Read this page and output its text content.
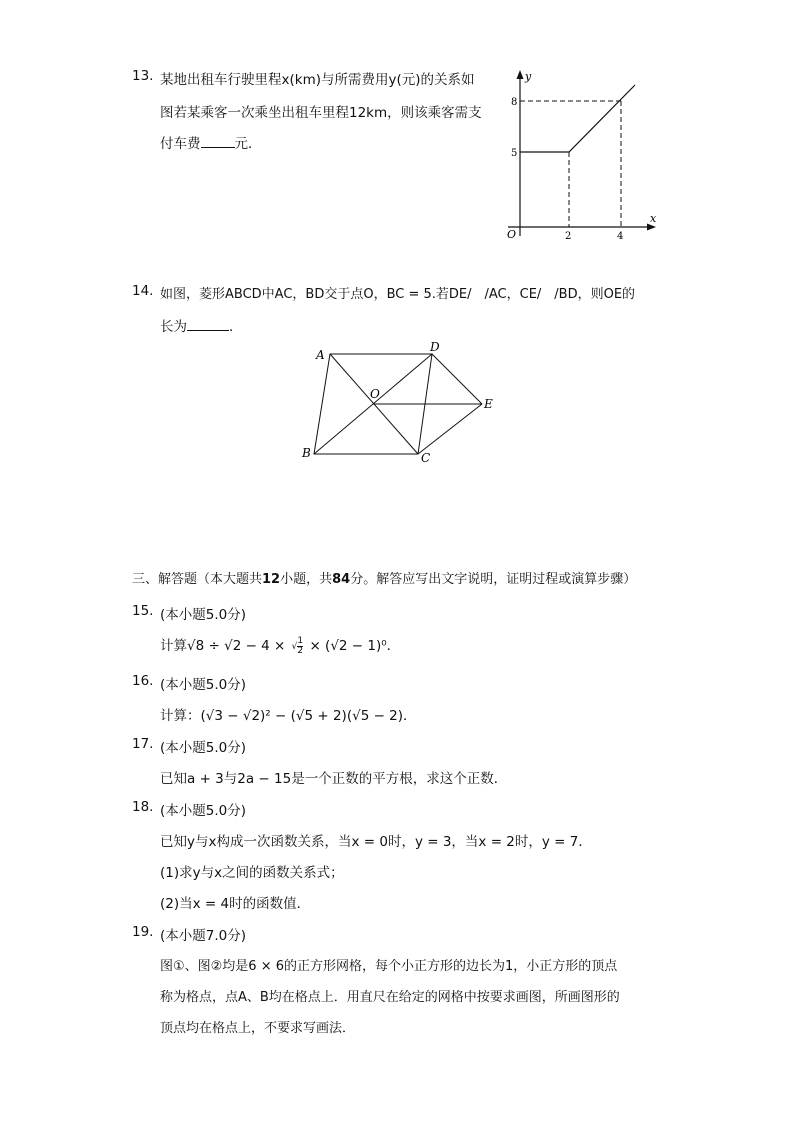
13. 某地出租车行驶里程x(km)与所需费用y(元)的关系如
图若某乘客一次乘坐出租车里程12km，则该乘客需支
付车费	元．
y
x
O
8
5
2	4
14. 如图，菱形ABCD中AC，BD交于点O，BC = 5.若DE/　/AC，CE/　/BD，则OE的
长为	．
A
D
O
E
B	C
三、解答题（本大题共12小题，共84分。解答应写出文字说明，证明过程或演算步骤）
15. (本小题5.0分)
计算√8 ÷ √2 − 4 × √ $\frac{1}{2} \times (√2 - 1)^0$．
16. (本小题5.0分)
计算：(√3 − √2)² − (√5 + 2)(√5 − 2)．
17. (本小题5.0分)
已知a + 3与2a − 15是一个正数的平方根，求这个正数．
18. (本小题5.0分)
已知y与x构成一次函数关系，当x = 0时，y = 3，当x = 2时，y = 7．
(1)求y与x之间的函数关系式；
(2)当x = 4时的函数值．
19. (本小题7.0分)
图①、图②均是6 × 6的正方形网格，每个小正方形的边长为1，小正方形的顶点
称为格点，点A、B均在格点上．用直尺在给定的网格中按要求画图，所画图形的
顶点均在格点上，不要求写画法．
